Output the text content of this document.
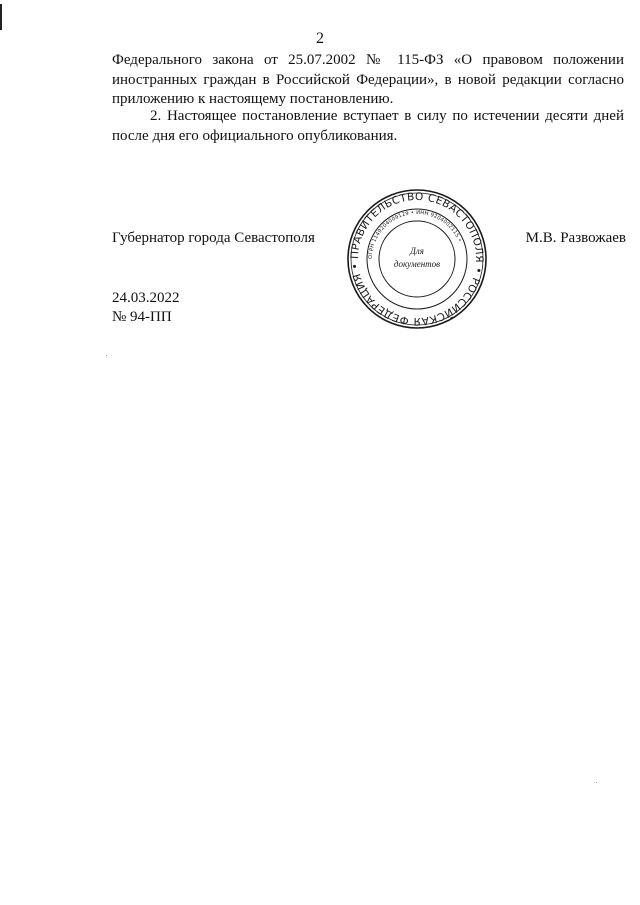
2
Федерального закона от 25.07.2002 № 115-ФЗ «О правовом положении
иностранных граждан в Российской Федерации», в новой редакции согласно
приложению к настоящему постановлению.
2. Настоящее постановление вступает в силу по истечении десяти дней
после дня его официального опубликования.
Губернатор города Севастополя
ПРАВИТЕЛЬСТВО СЕВАСТОПОЛЯ • РОССИЙСКАЯ ФЕДЕРАЦИЯ •
ОГРН 1149204009129 • ИНН 9204002115 •
Для
документов
М.В. Развожаев
24.03.2022
№ 94-ПП
